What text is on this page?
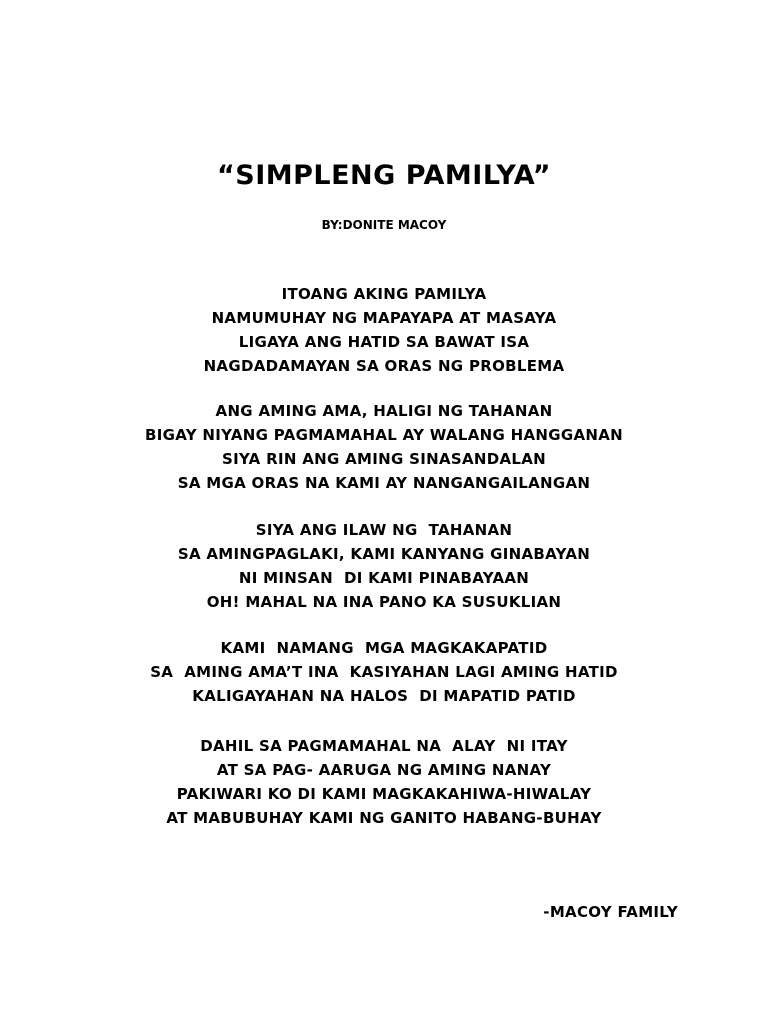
“SIMPLENG PAMILYA”
BY:DONITE MACOY
ITOANG AKING PAMILYA
NAMUMUHAY NG MAPAYAPA AT MASAYA
LIGAYA ANG HATID SA BAWAT ISA
NAGDADAMAYAN SA ORAS NG PROBLEMA
ANG AMING AMA, HALIGI NG TAHANAN
BIGAY NIYANG PAGMAMAHAL AY WALANG HANGGANAN
SIYA RIN ANG AMING SINASANDALAN
SA MGA ORAS NA KAMI AY NANGANGAILANGAN
SIYA ANG ILAW NG  TAHANAN
SA AMINGPAGLAKI, KAMI KANYANG GINABAYAN
NI MINSAN  DI KAMI PINABAYAAN
OH! MAHAL NA INA PANO KA SUSUKLIAN
KAMI  NAMANG  MGA MAGKAKAPATID
SA  AMING AMA’T INA  KASIYAHAN LAGI AMING HATID
KALIGAYAHAN NA HALOS  DI MAPATID PATID
DAHIL SA PAGMAMAHAL NA  ALAY  NI ITAY
AT SA PAG- AARUGA NG AMING NANAY
PAKIWARI KO DI KAMI MAGKAKAHIWA-HIWALAY
AT MABUBUHAY KAMI NG GANITO HABANG-BUHAY
-MACOY FAMILY
